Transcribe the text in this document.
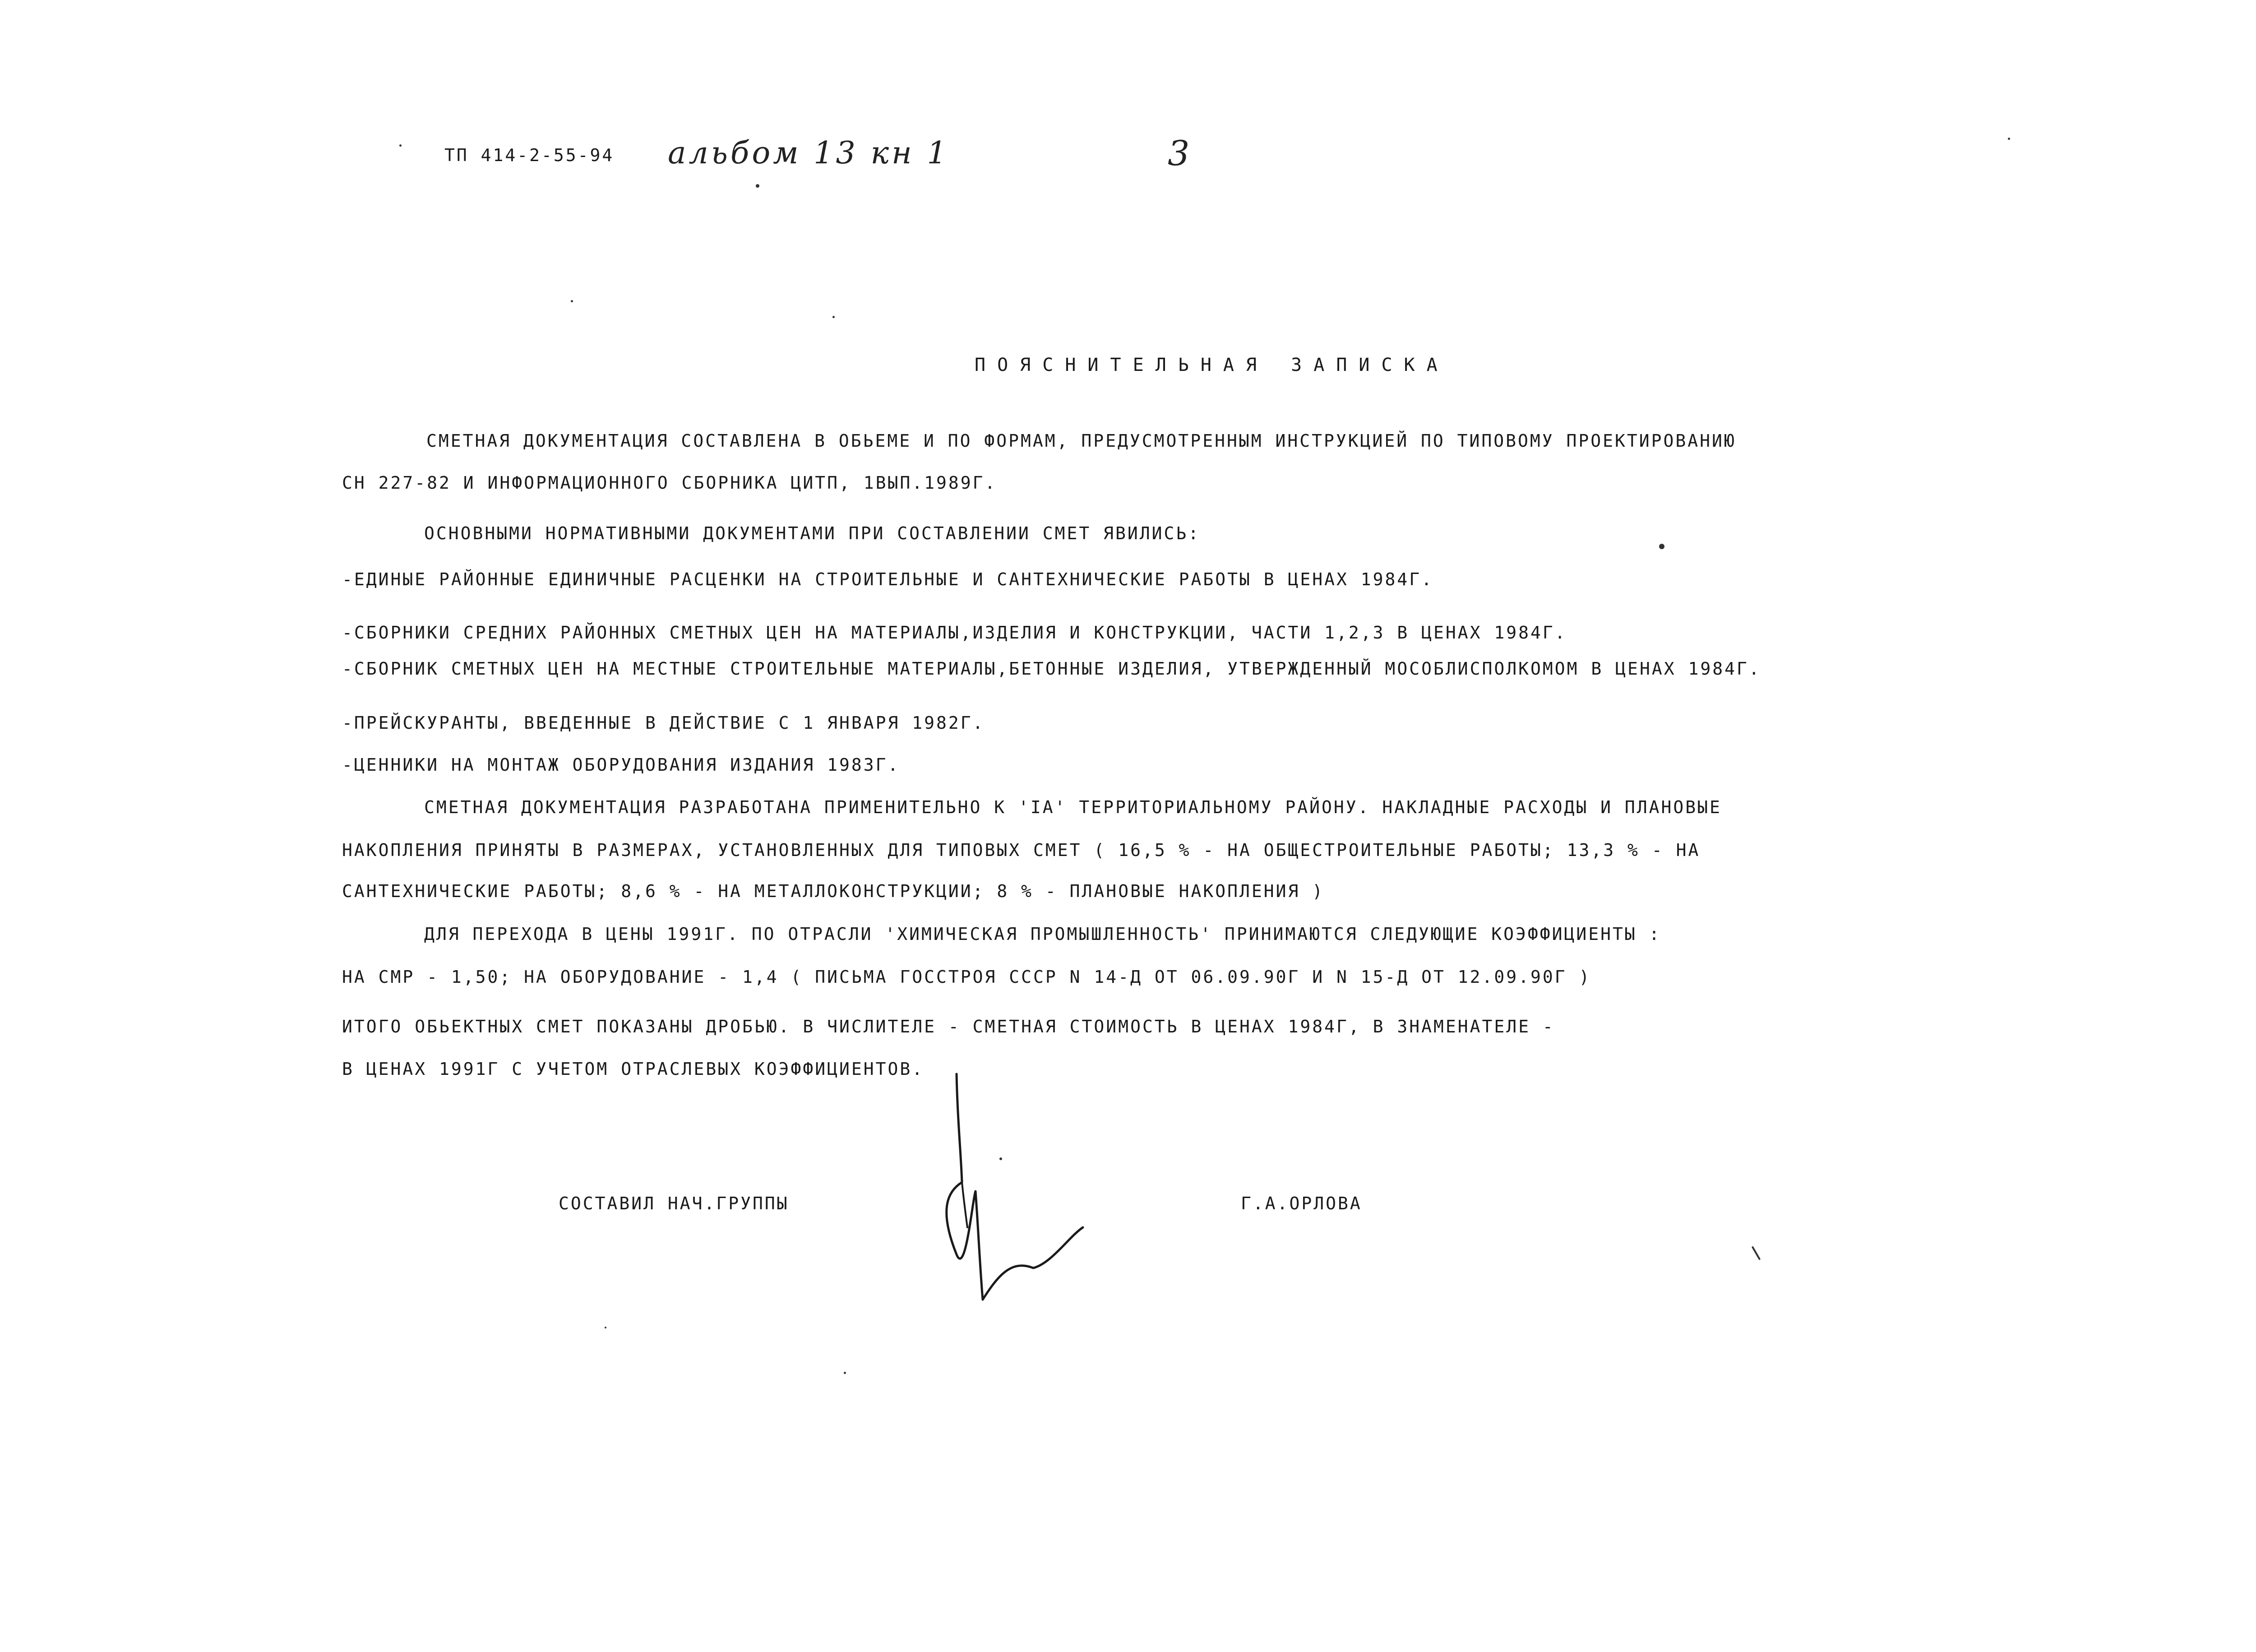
ТП 414-2-55-94 альбом 13 кн 1	3
ПОЯСНИТЕЛЬНАЯ ЗАПИСКА
СМЕТНАЯ ДОКУМЕНТАЦИЯ СОСТАВЛЕНА В ОБЬЕМЕ И ПО ФОРМАМ, ПРЕДУСМОТРЕННЫМ ИНСТРУКЦИЕЙ ПО ТИПОВОМУ ПРОЕКТИРОВАНИЮ
СН 227-82 И ИНФОРМАЦИОННОГО СБОРНИКА ЦИТП, 1ВЫП.1989Г.
ОСНОВНЫМИ НОРМАТИВНЫМИ ДОКУМЕНТАМИ ПРИ СОСТАВЛЕНИИ СМЕТ ЯВИЛИСЬ:
-ЕДИНЫЕ РАЙОННЫЕ ЕДИНИЧНЫЕ РАСЦЕНКИ НА СТРОИТЕЛЬНЫЕ И САНТЕХНИЧЕСКИЕ РАБОТЫ В ЦЕНАХ 1984Г.
-СБОРНИКИ СРЕДНИХ РАЙОННЫХ СМЕТНЫХ ЦЕН НА МАТЕРИАЛЫ,ИЗДЕЛИЯ И КОНСТРУКЦИИ, ЧАСТИ 1,2,3 В ЦЕНАХ 1984Г.
-СБОРНИК СМЕТНЫХ ЦЕН НА МЕСТНЫЕ СТРОИТЕЛЬНЫЕ МАТЕРИАЛЫ,БЕТОННЫЕ ИЗДЕЛИЯ, УТВЕРЖДЕННЫЙ МОСОБЛИСПОЛКОМОМ В ЦЕНАХ 1984Г.
-ПРЕЙСКУРАНТЫ, ВВЕДЕННЫЕ В ДЕЙСТВИЕ С 1 ЯНВАРЯ 1982Г.
-ЦЕННИКИ НА МОНТАЖ ОБОРУДОВАНИЯ ИЗДАНИЯ 1983Г.
СМЕТНАЯ ДОКУМЕНТАЦИЯ РАЗРАБОТАНА ПРИМЕНИТЕЛЬНО К 'IА' ТЕРРИТОРИАЛЬНОМУ РАЙОНУ. НАКЛАДНЫЕ РАСХОДЫ И ПЛАНОВЫЕ
НАКОПЛЕНИЯ ПРИНЯТЫ В РАЗМЕРАХ, УСТАНОВЛЕННЫХ ДЛЯ ТИПОВЫХ СМЕТ ( 16,5 % - НА ОБЩЕСТРОИТЕЛЬНЫЕ РАБОТЫ; 13,3 % - НА
САНТЕХНИЧЕСКИЕ РАБОТЫ; 8,6 % - НА МЕТАЛЛОКОНСТРУКЦИИ; 8 % - ПЛАНОВЫЕ НАКОПЛЕНИЯ )
ДЛЯ ПЕРЕХОДА В ЦЕНЫ 1991Г. ПО ОТРАСЛИ 'ХИМИЧЕСКАЯ ПРОМЫШЛЕННОСТЬ' ПРИНИМАЮТСЯ СЛЕДУЮЩИЕ КОЭФФИЦИЕНТЫ :
НА СМР - 1,50; НА ОБОРУДОВАНИЕ - 1,4 ( ПИСЬМА ГОССТРОЯ СССР N 14-Д ОТ 06.09.90Г И N 15-Д ОТ 12.09.90Г )
ИТОГО ОБЬЕКТНЫХ СМЕТ ПОКАЗАНЫ ДРОБЬЮ. В ЧИСЛИТЕЛЕ - СМЕТНАЯ СТОИМОСТЬ В ЦЕНАХ 1984Г, В ЗНАМЕНАТЕЛЕ -
В ЦЕНАХ 1991Г С УЧЕТОМ ОТРАСЛЕВЫХ КОЭФФИЦИЕНТОВ.
СОСТАВИЛ НАЧ.ГРУППЫ	Г.А.ОРЛОВА
